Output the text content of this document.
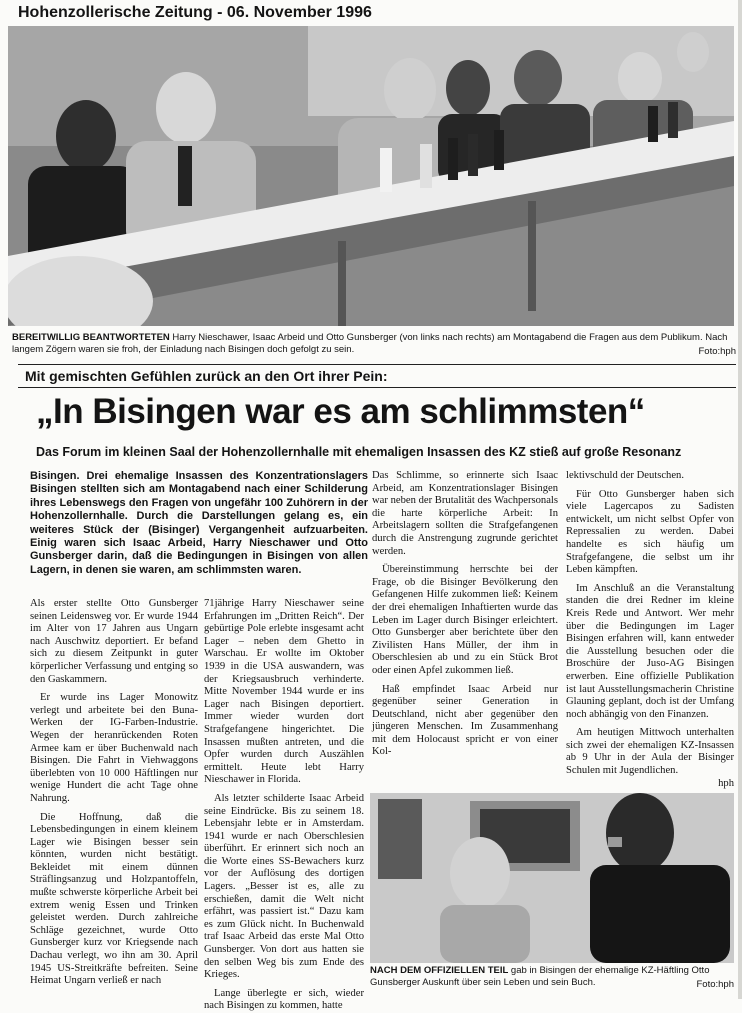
Hohenzollerische Zeitung - 06. November 1996
BEREITWILLIG BEANTWORTETEN Harry Nieschawer, Isaac Arbeid und Otto Gunsberger (von links nach rechts) am Montagabend die Fragen aus dem Publikum. Nach langem Zögern waren sie froh, der Einladung nach Bisingen doch gefolgt zu sein.	Foto:hph
Mit gemischten Gefühlen zurück an den Ort ihrer Pein:
„In Bisingen war es am schlimmsten“
Das Forum im kleinen Saal der Hohenzollernhalle mit ehemaligen Insassen des KZ stieß auf große Resonanz
Bisingen. Drei ehemalige Insassen des Konzentrationslagers Bisingen stellten sich am Montagabend nach einer Schilderung ihres Lebenswegs den Fragen von ungefähr 100 Zuhörern in der Hohenzollernhalle. Durch die Darstellungen gelang es, ein weiteres Stück der (Bisinger) Vergangenheit aufzuarbeiten. Einig waren sich Isaac Arbeid, Harry Nieschawer und Otto Gunsberger darin, daß die Bedingungen in Bisingen von allen Lagern, in denen sie waren, am schlimmsten waren.

Als erster stellte Otto Gunsberger seinen Leidensweg vor. Er wurde 1944 im Alter von 17 Jahren aus Ungarn nach Auschwitz deportiert. Er befand sich zu diesem Zeitpunkt in guter körperlicher Verfassung und entging so den Gaskammern.

Er wurde ins Lager Monowitz verlegt und arbeitete bei den Buna-Werken der IG-Farben-Industrie. Wegen der heranrückenden Roten Armee kam er über Buchenwald nach Bisingen. Die Fahrt in Viehwaggons überlebten von 10 000 Häftlingen nur wenige Hundert die acht Tage ohne Nahrung.

Die Hoffnung, daß die Lebensbedingungen in einem kleinem Lager wie Bisingen besser sein könnten, wurden nicht bestätigt. Bekleidet mit einem dünnen Sträflingsanzug und Holzpantoffeln, mußte schwerste körperliche Arbeit bei extrem wenig Essen und Trinken geleistet werden. Durch zahlreiche Schläge gezeichnet, wurde Otto Gunsberger kurz vor Kriegsende nach Dachau verlegt, wo ihn am 30. April 1945 US-Streitkräfte befreiten. Seine Heimat Ungarn verließ er nach

71jährige Harry Nieschawer seine Erfahrungen im „Dritten Reich“. Der gebürtige Pole erlebte insgesamt acht Lager – neben dem Ghetto in Warschau. Er wollte im Oktober 1939 in die USA auswandern, was der Kriegsausbruch verhinderte. Mitte November 1944 wurde er ins Lager nach Bisingen deportiert. Immer wieder wurden dort Strafgefangene hingerichtet. Die Insassen mußten antreten, und die Opfer wurden durch Auszählen ermittelt. Heute lebt Harry Nieschawer in Florida.

Als letzter schilderte Isaac Arbeid seine Eindrücke. Bis zu seinem 18. Lebensjahr lebte er in Amsterdam. 1941 wurde er nach Oberschlesien überführt. Er erinnert sich noch an die Worte eines SS-Bewachers kurz vor der Auflösung des dortigen Lagers. „Besser ist es, alle zu erschießen, damit die Welt nicht erfährt, was passiert ist.“ Dazu kam es zum Glück nicht. In Buchenwald traf Isaac Arbeid das erste Mal Otto Gunsberger. Von dort aus hatten sie den selben Weg bis zum Ende des Krieges.

Lange überlegte er sich, wieder nach Bisingen zu kommen, hatte

Das Schlimme, so erinnerte sich Isaac Arbeid, am Konzentrationslager Bisingen war neben der Brutalität des Wachpersonals die harte körperliche Arbeit: In Arbeitslagern sollten die Strafgefangenen durch die Anstrengung zugrunde gerichtet werden.

Übereinstimmung herrschte bei der Frage, ob die Bisinger Bevölkerung den Gefangenen Hilfe zukommen ließ: Keinem der drei ehemaligen Inhaftierten wurde das Leben im Lager durch Bisinger erleichtert. Otto Gunsberger aber berichtete über den Zivilisten Hans Müller, der ihm in Oberschlesien ab und zu ein Stück Brot oder einen Apfel zukommen ließ.

Haß empfindet Isaac Arbeid nur gegenüber seiner Generation in Deutschland, nicht aber gegenüber den jüngeren Menschen. Im Zusammenhang mit dem Holocaust spricht er von einer Kol-

lektivschuld der Deutschen.

Für Otto Gunsberger haben sich viele Lagercapos zu Sadisten entwickelt, um nicht selbst Opfer von Repressalien zu werden. Dabei handelte es sich häufig um Strafgefangene, die selbst um ihr Leben kämpften.

Im Anschluß an die Veranstaltung standen die drei Redner im kleine Kreis Rede und Antwort. Wer mehr über die Bedingungen im Lager Bisingen erfahren will, kann entweder die Ausstellung besuchen oder die Broschüre der Juso-AG Bisingen erwerben. Eine offizielle Publikation ist laut Ausstellungsmacherin Christine Glauning geplant, doch ist der Umfang noch abhängig von den Finanzen.

Am heutigen Mittwoch unterhalten sich zwei der ehemaligen KZ-Insassen ab 9 Uhr in der Aula der Bisinger Schulen mit Jugendlichen.

hph
NACH DEM OFFIZIELLEN TEIL gab in Bisingen der ehemalige KZ-Häftling Otto Gunsberger Auskunft über sein Leben und sein Buch.	Foto:hph
